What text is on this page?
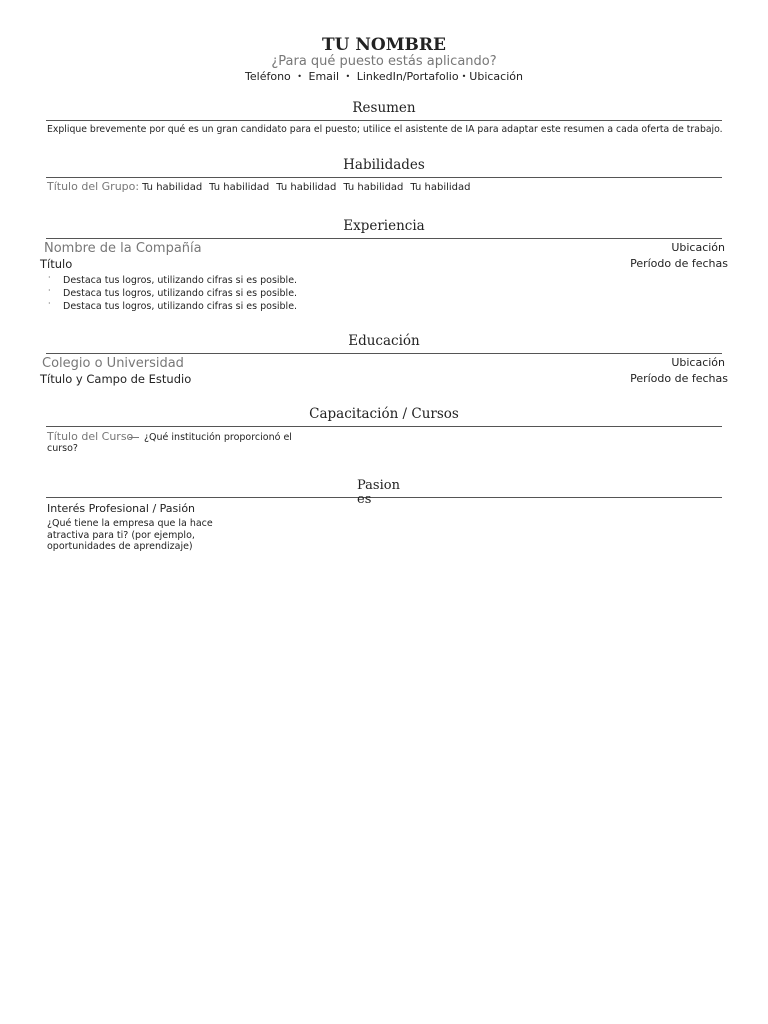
TU NOMBRE
¿Para qué puesto estás aplicando?
Teléfono • Email • LinkedIn/Portafolio • Ubicación
Resumen
Explique brevemente por qué es un gran candidato para el puesto; utilice el asistente de IA para adaptar este resumen a cada oferta de trabajo.
Habilidades
Título del Grupo: Tu habilidad Tu habilidad Tu habilidad Tu habilidad Tu habilidad
Experiencia
Nombre de la Compañía	Ubicación
Título	Período de fechas
· Destaca tus logros, utilizando cifras si es posible.
· Destaca tus logros, utilizando cifras si es posible.
· Destaca tus logros, utilizando cifras si es posible.
Educación
Colegio o Universidad	Ubicación
Título y Campo de Estudio	Período de fechas
Capacitación / Cursos
Título del Curso ¿Qué institución proporcionó el
curso?
Pasion
es
Interés Profesional / Pasión
¿Qué tiene la empresa que la hace
atractiva para ti? (por ejemplo,
oportunidades de aprendizaje)
